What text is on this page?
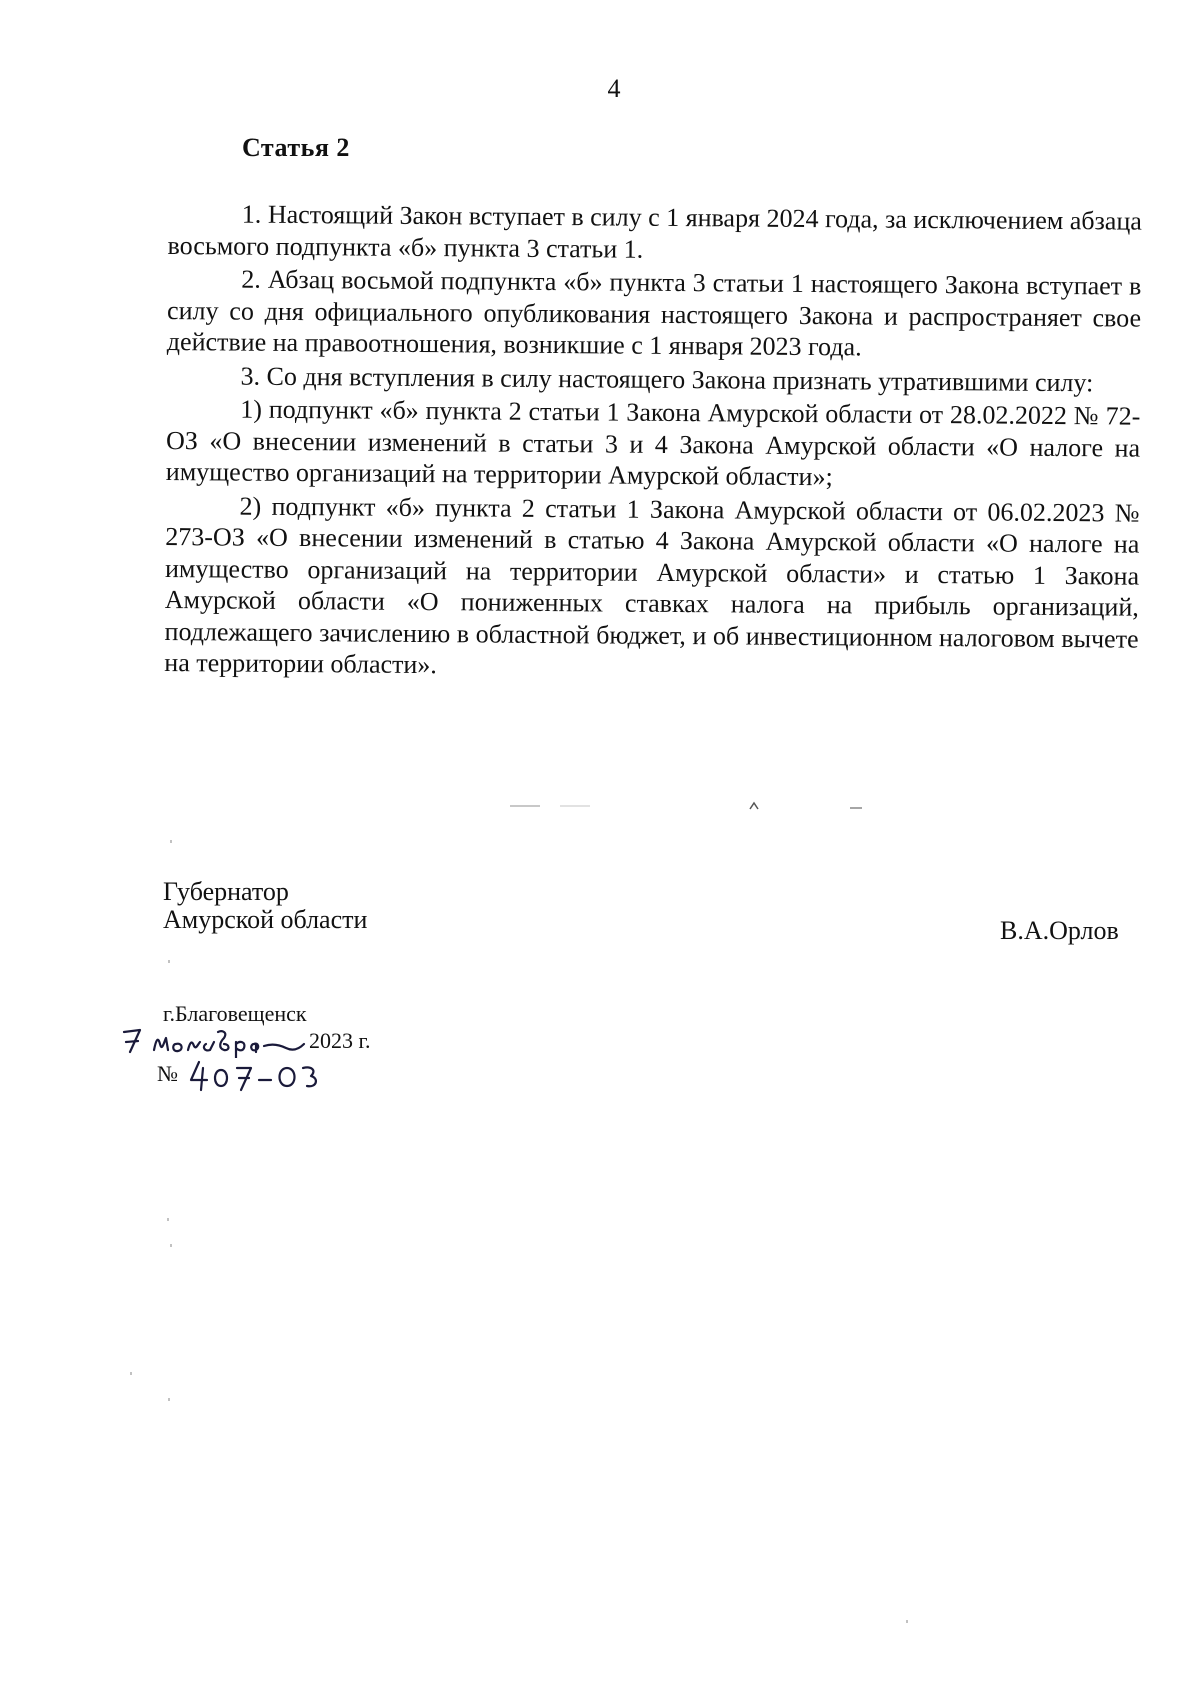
4
Статья 2

1. Настоящий Закон вступает в силу с 1 января 2024 года, за исключением абзаца восьмого подпункта «б» пункта 3 статьи 1.

2. Абзац восьмой подпункта «б» пункта 3 статьи 1 настоящего Закона вступает в силу со дня официального опубликования настоящего Закона и распространяет свое действие на правоотношения, возникшие с 1 января 2023 года.

3. Со дня вступления в силу настоящего Закона признать утратившими силу:

1) подпункт «б» пункта 2 статьи 1 Закона Амурской области от 28.02.2022 № 72-ОЗ «О внесении изменений в статьи 3 и 4 Закона Амурской области «О налоге на имущество организаций на территории Амурской области»;

2) подпункт «б» пункта 2 статьи 1 Закона Амурской области от 06.02.2023 № 273-ОЗ «О внесении изменений в статью 4 Закона Амурской области «О налоге на имущество организаций на территории Амурской области» и статью 1 Закона Амурской области «О пониженных ставках налога на прибыль организаций, подлежащего зачислению в областной бюджет, и об инвестиционном налоговом вычете на территории области».

Губернатор
Амурской области	В.А.Орлов
г.Благовещенск
2023 г.
№
